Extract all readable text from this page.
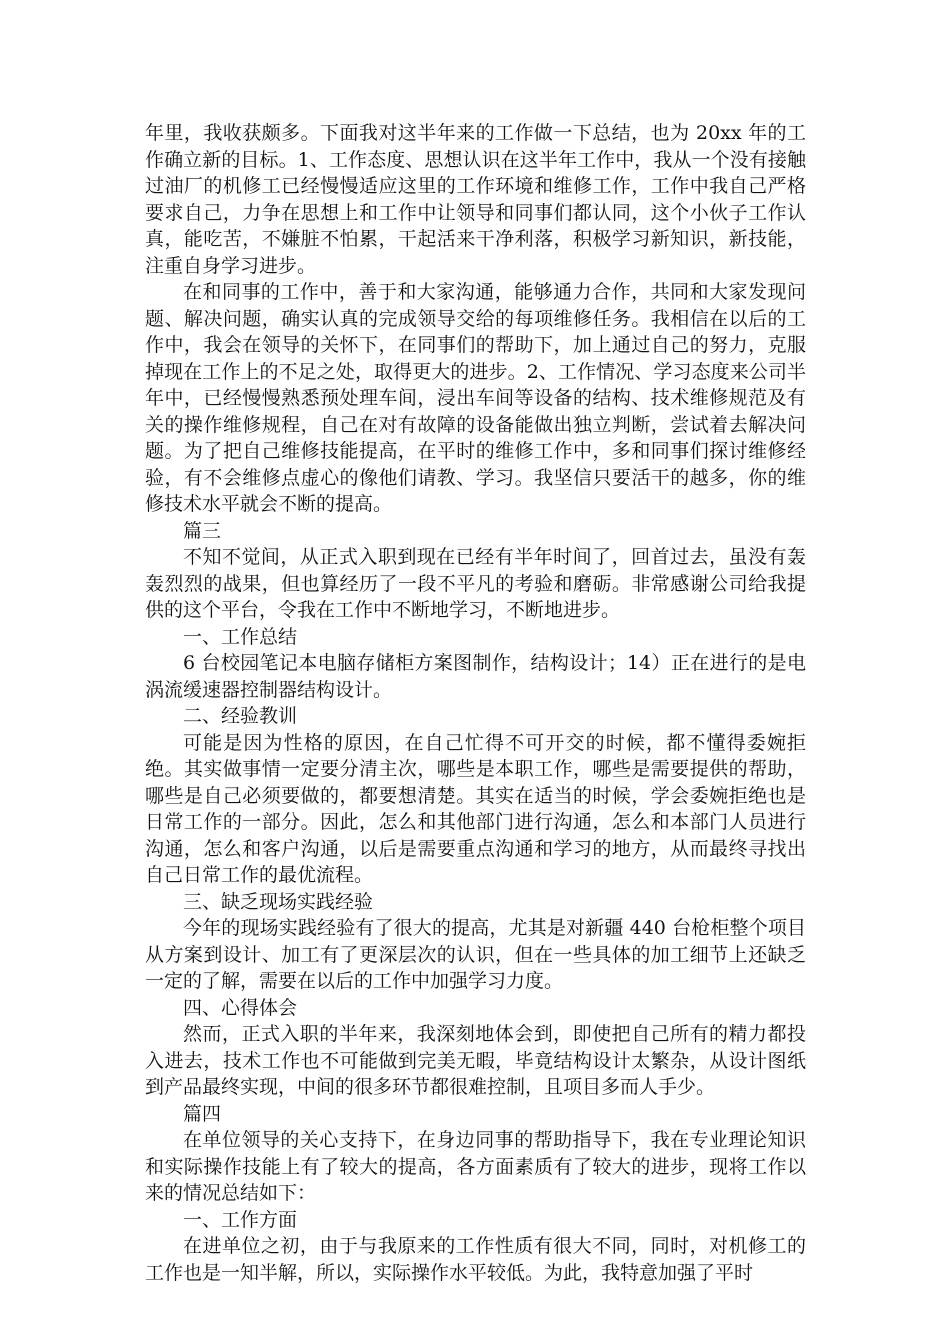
年里，我收获颇多。下面我对这半年来的工作做一下总结，也为 20xx 年的工作确立新的目标。1、工作态度、思想认识在这半年工作中，我从一个没有接触过油厂的机修工已经慢慢适应这里的工作环境和维修工作，工作中我自己严格要求自己，力争在思想上和工作中让领导和同事们都认同，这个小伙子工作认真，能吃苦，不嫌脏不怕累，干起活来干净利落，积极学习新知识，新技能，注重自身学习进步。

在和同事的工作中，善于和大家沟通，能够通力合作，共同和大家发现问题、解决问题，确实认真的完成领导交给的每项维修任务。我相信在以后的工作中，我会在领导的关怀下，在同事们的帮助下，加上通过自己的努力，克服掉现在工作上的不足之处，取得更大的进步。2、工作情况、学习态度来公司半年中，已经慢慢熟悉预处理车间，浸出车间等设备的结构、技术维修规范及有关的操作维修规程，自己在对有故障的设备能做出独立判断，尝试着去解决问题。为了把自己维修技能提高，在平时的维修工作中，多和同事们探讨维修经验，有不会维修点虚心的像他们请教、学习。我坚信只要活干的越多，你的维修技术水平就会不断的提高。

篇三

不知不觉间，从正式入职到现在已经有半年时间了，回首过去，虽没有轰轰烈烈的战果，但也算经历了一段不平凡的考验和磨砺。非常感谢公司给我提供的这个平台，令我在工作中不断地学习，不断地进步。

一、工作总结

6 台校园笔记本电脑存储柜方案图制作，结构设计；14）正在进行的是电涡流缓速器控制器结构设计。

二、经验教训

可能是因为性格的原因，在自己忙得不可开交的时候，都不懂得委婉拒绝。其实做事情一定要分清主次，哪些是本职工作，哪些是需要提供的帮助，哪些是自己必须要做的，都要想清楚。其实在适当的时候，学会委婉拒绝也是日常工作的一部分。因此，怎么和其他部门进行沟通，怎么和本部门人员进行沟通，怎么和客户沟通，以后是需要重点沟通和学习的地方，从而最终寻找出自己日常工作的最优流程。

三、缺乏现场实践经验

今年的现场实践经验有了很大的提高，尤其是对新疆 440 台枪柜整个项目从方案到设计、加工有了更深层次的认识，但在一些具体的加工细节上还缺乏一定的了解，需要在以后的工作中加强学习力度。

四、心得体会

然而，正式入职的半年来，我深刻地体会到，即使把自己所有的精力都投入进去，技术工作也不可能做到完美无暇，毕竟结构设计太繁杂，从设计图纸到产品最终实现，中间的很多环节都很难控制，且项目多而人手少。

篇四

在单位领导的关心支持下，在身边同事的帮助指导下，我在专业理论知识和实际操作技能上有了较大的提高，各方面素质有了较大的进步，现将工作以来的情况总结如下：

一、工作方面

在进单位之初，由于与我原来的工作性质有很大不同，同时，对机修工的工作也是一知半解，所以，实际操作水平较低。为此，我特意加强了平时
